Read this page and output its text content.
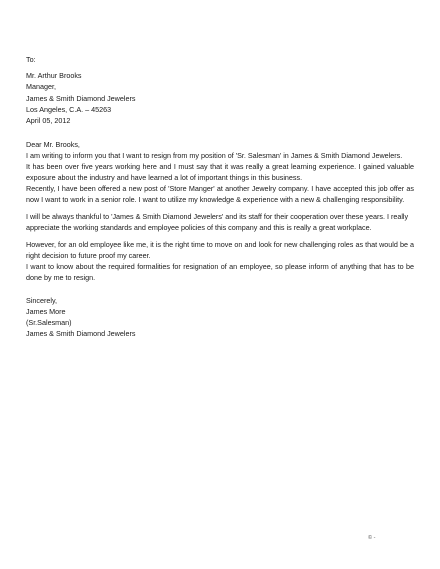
To:
Mr. Arthur Brooks
Manager,
James & Smith Diamond Jewelers
Los Angeles, C.A. – 45263
April 05, 2012
Dear Mr. Brooks,
I am writing to inform you that I want to resign from my position of 'Sr. Salesman' in James & Smith Diamond Jewelers.
It has been over five years working here and I must say that it was really a great learning experience. I gained valuable
exposure about the industry and have learned a lot of important things in this business.
Recently, I have been offered a new post of 'Store Manger' at another Jewelry company. I have accepted this job offer as
now I want to work in a senior role. I want to utilize my knowledge & experience with a new & challenging responsibility.
I will be always thankful to 'James & Smith Diamond Jewelers' and its staff for their cooperation over these years. I really
appreciate the working standards and employee policies of this company and this is really a great workplace.
However, for an old employee like me, it is the right time to move on and look for new challenging roles as that would be a
right decision to future proof my career.
I want to know about the required formalities for resignation of an employee, so please inform of anything that has to be
done by me to resign.
Sincerely,
James More
(Sr.Salesman)
James & Smith Diamond Jewelers
© -
